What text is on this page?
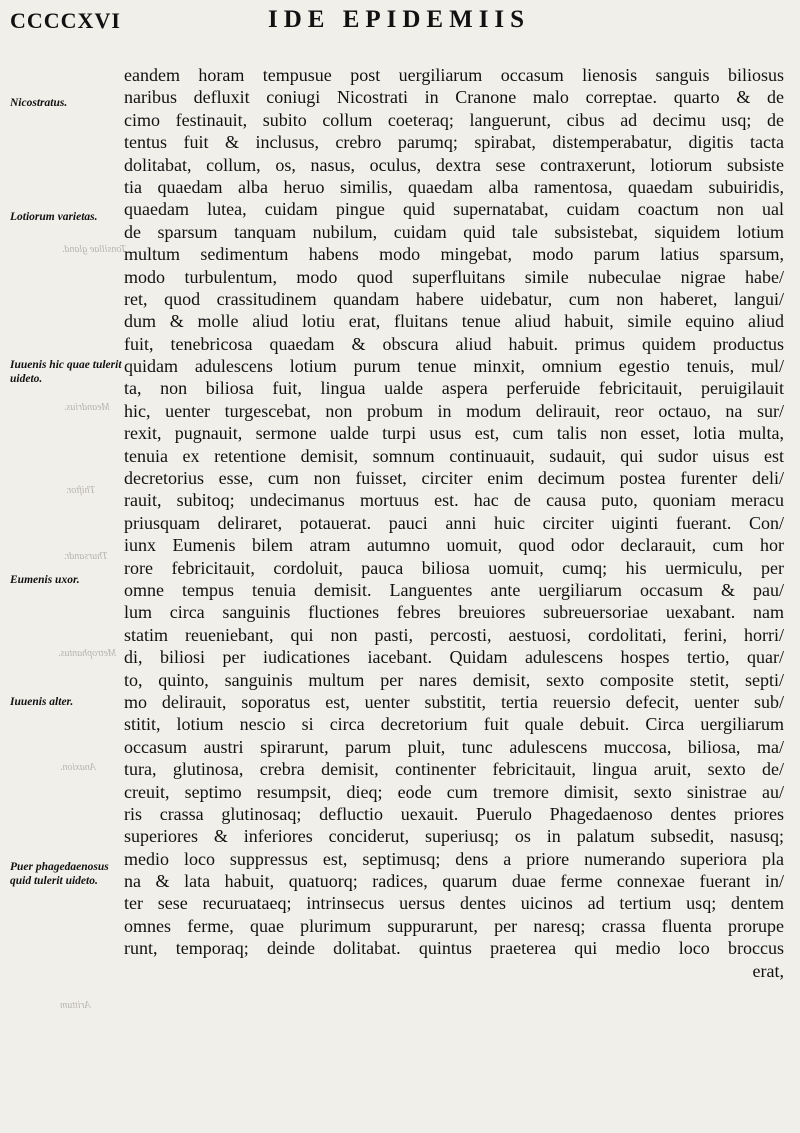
CCCCXVI	IDE EPIDEMIIS
Nicostratus.
Lotiorum varietas.
Iuuenis hic quae tulerit uideto.
Eumenis uxor.
Iuuenis alter.
Puer phagedaenosus quid tulerit uideto.
Tonsillae gland.
Meandrius.
Thiftor.
Thursandr.
Metrophantus.
Anaxion.
Arittum
eandem horam tempusue post uergiliarum occasum lienosis sanguis biliosus
naribus defluxit coniugi Nicostrati in Cranone malo correptae. quarto & de
cimo festinauit, subito collum coeteraq; languerunt, cibus ad decimu usq; de
tentus fuit & inclusus, crebro parumq; spirabat, distemperabatur, digitis tacta
dolitabat, collum, os, nasus, oculus, dextra sese contraxerunt, lotiorum subsiste
tia quaedam alba heruo similis, quaedam alba ramentosa, quaedam subuiridis,
quaedam lutea, cuidam pingue quid supernatabat, cuidam coactum non ual
de sparsum tanquam nubilum, cuidam quid tale subsistebat, siquidem lotium
multum sedimentum habens modo mingebat, modo parum latius sparsum,
modo turbulentum, modo quod superfluitans simile nubeculae nigrae habe/
ret, quod crassitudinem quandam habere uidebatur, cum non haberet, langui/
dum & molle aliud lotiu erat, fluitans tenue aliud habuit, simile equino aliud
fuit, tenebricosa quaedam & obscura aliud habuit. primus quidem productus
quidam adulescens lotium purum tenue minxit, omnium egestio tenuis, mul/
ta, non biliosa fuit, lingua ualde aspera perferuide febricitauit, peruigilauit
hic, uenter turgescebat, non probum in modum delirauit, reor octauo, na sur/
rexit, pugnauit, sermone ualde turpi usus est, cum talis non esset, lotia multa,
tenuia ex retentione demisit, somnum continuauit, sudauit, qui sudor uisus est
decretorius esse, cum non fuisset, circiter enim decimum postea furenter deli/
rauit, subitoq; undecimanus mortuus est. hac de causa puto, quoniam meracu
priusquam deliraret, potauerat. pauci anni huic circiter uiginti fuerant. Con/
iunx Eumenis bilem atram autumno uomuit, quod odor declarauit, cum hor
rore febricitauit, cordoluit, pauca biliosa uomuit, cumq; his uermiculu, per
omne tempus tenuia demisit. Languentes ante uergiliarum occasum & pau/
lum circa sanguinis fluctiones febres breuiores subreuersoriae uexabant. nam
statim reueniebant, qui non pasti, percosti, aestuosi, cordolitati, ferini, horri/
di, biliosi per iudicationes iacebant. Quidam adulescens hospes tertio, quar/
to, quinto, sanguinis multum per nares demisit, sexto composite stetit, septi/
mo delirauit, soporatus est, uenter substitit, tertia reuersio defecit, uenter sub/
stitit, lotium nescio si circa decretorium fuit quale debuit. Circa uergiliarum
occasum austri spirarunt, parum pluit, tunc adulescens muccosa, biliosa, ma/
tura, glutinosa, crebra demisit, continenter febricitauit, lingua aruit, sexto de/
creuit, septimo resumpsit, dieq; eode cum tremore dimisit, sexto sinistrae au/
ris crassa glutinosaq; defluctio uexauit. Puerulo Phagedaenoso dentes priores
superiores & inferiores conciderut, superiusq; os in palatum subsedit, nasusq;
medio loco suppressus est, septimusq; dens a priore numerando superiora pla
na & lata habuit, quatuorq; radices, quarum duae ferme connexae fuerant in/
ter sese recuruataeq; intrinsecus uersus dentes uicinos ad tertium usq; dentem
omnes ferme, quae plurimum suppurarunt, per naresq; crassa fluenta prorupe
runt, temporaq; deinde dolitabat. quintus praeterea qui medio loco broccus
erat,
